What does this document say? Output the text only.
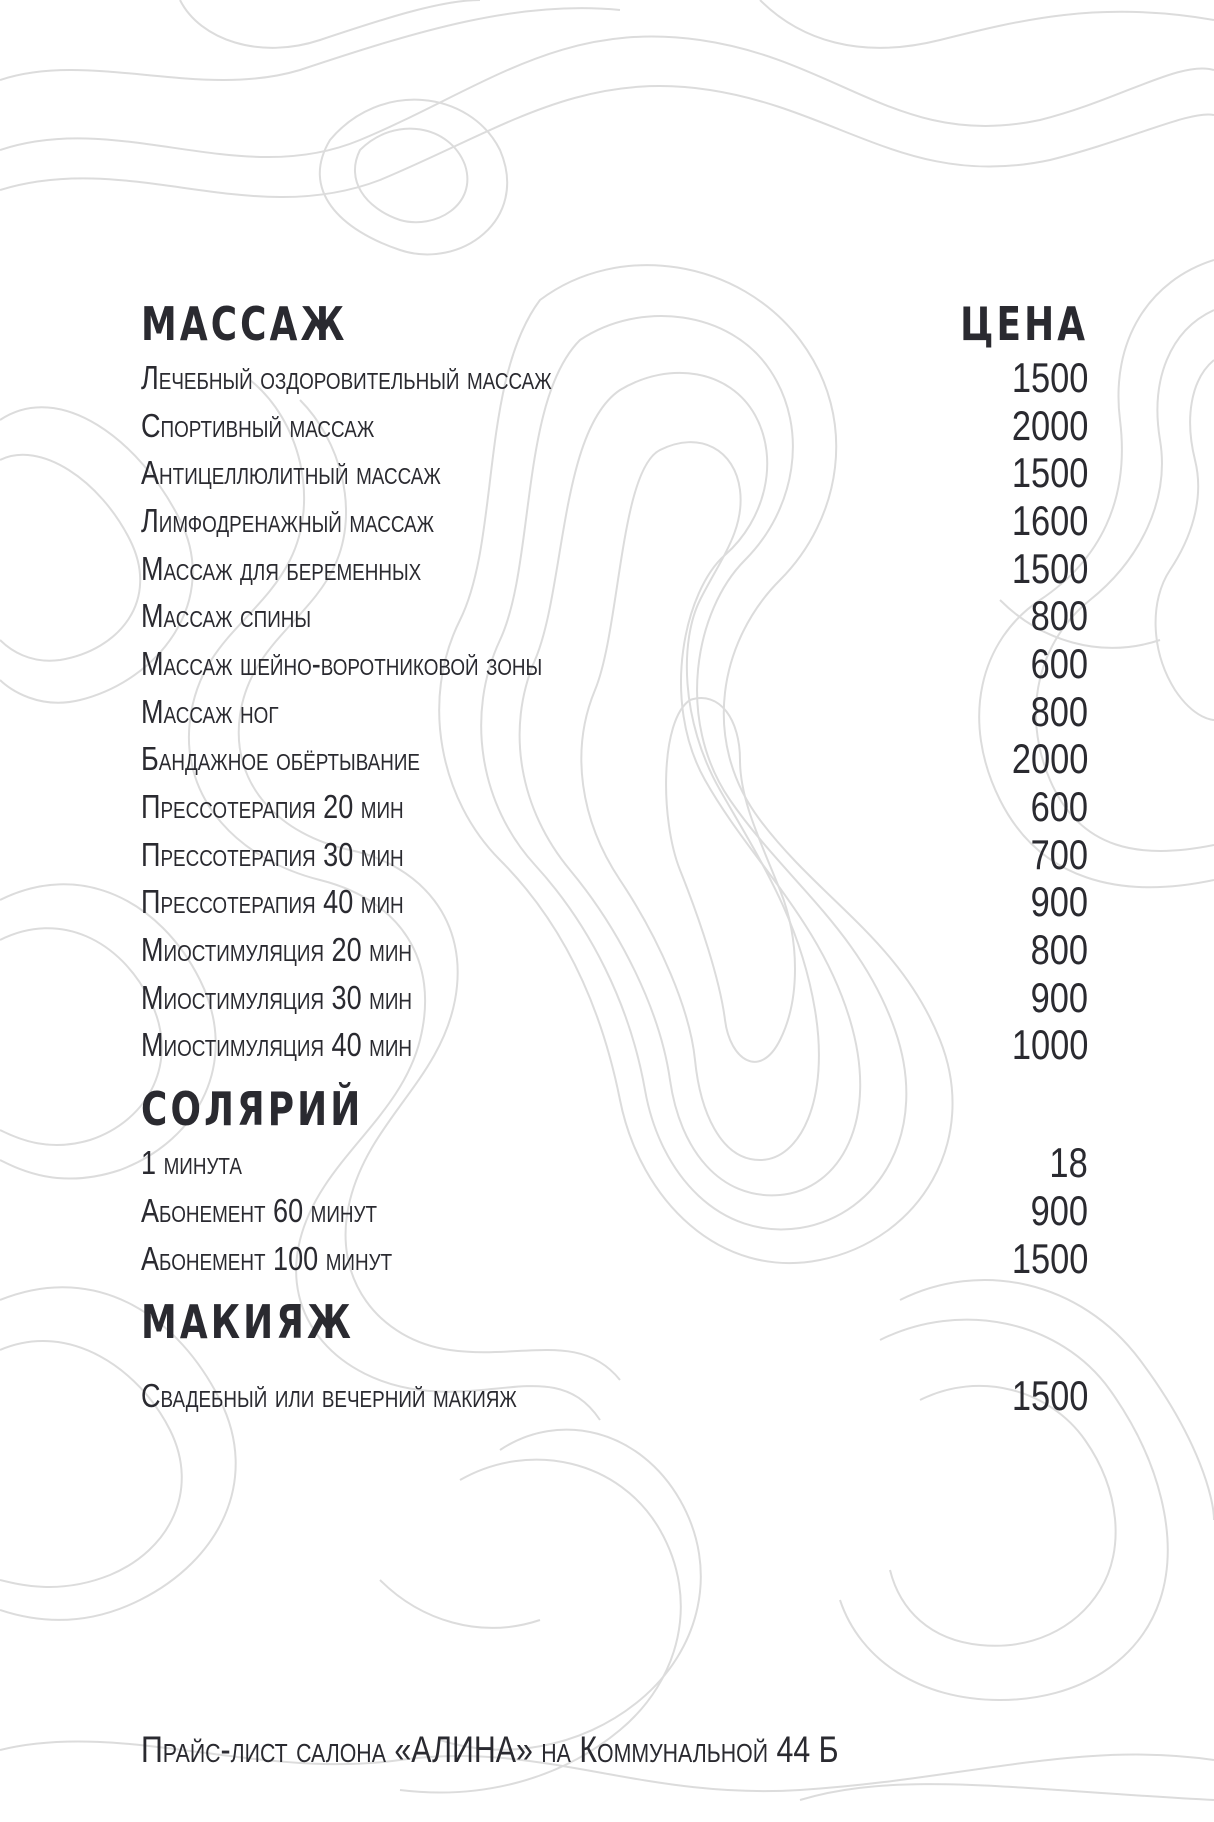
МАССАЖ	ЦЕНА
Лечебный оздоровительный массаж	1500
Спортивный массаж	2000
Антицеллюлитный массаж	1500
Лимфодренажный массаж	1600
Массаж для беременных	1500
Массаж спины	800
Массаж шейно-воротниковой зоны	600
Массаж ног	800
Бандажное обёртывание	2000
Прессотерапия 20 мин	600
Прессотерапия 30 мин	700
Прессотерапия 40 мин	900
Миостимуляция 20 мин	800
Миостимуляция 30 мин	900
Миостимуляция 40 мин	1000
СОЛЯРИЙ
1 минута	18
Абонемент 60 минут	900
Абонемент 100 минут	1500
МАКИЯЖ
Свадебный или вечерний макияж	1500
Прайс-лист салона «АЛИНА» на Коммунальной 44 Б
